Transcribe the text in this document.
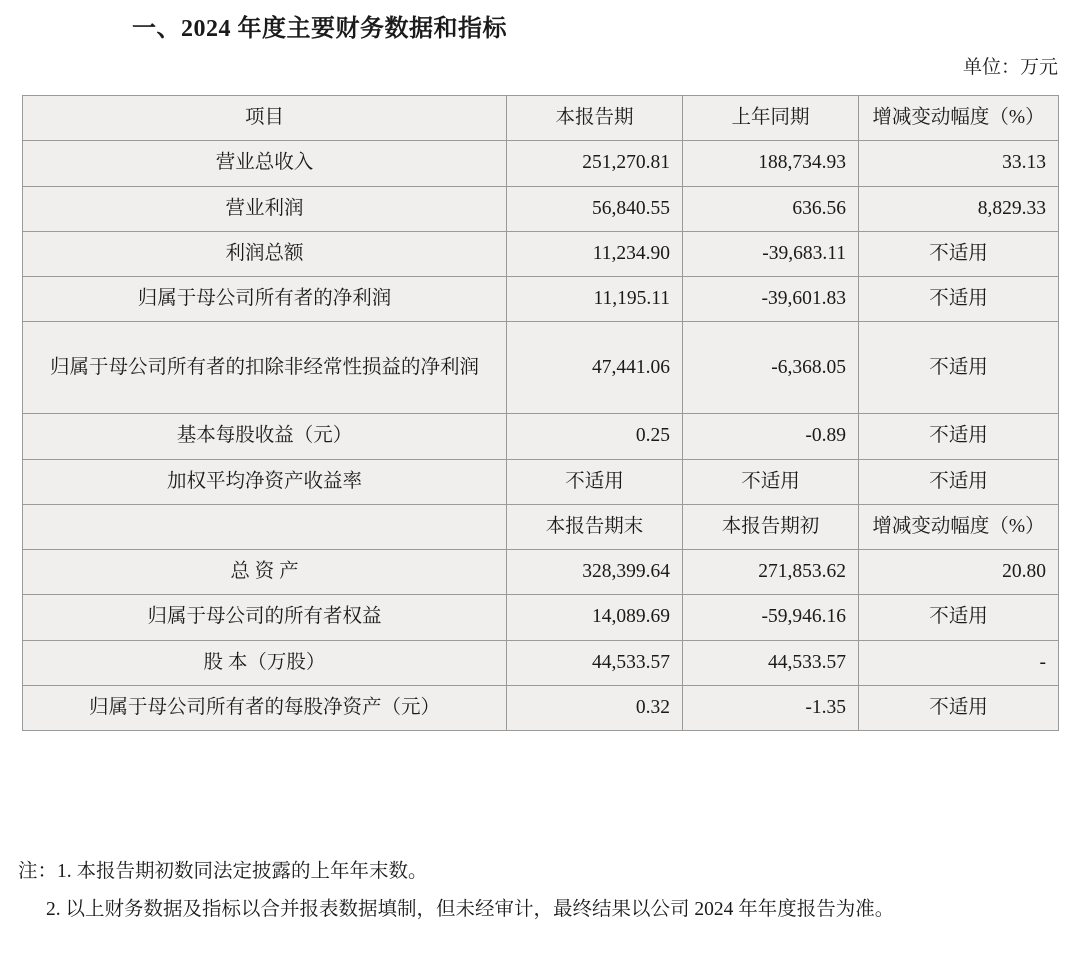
一、2024 年度主要财务数据和指标
单位：万元
项目	本报告期	上年同期	增减变动幅度（%）
营业总收入	251,270.81	188,734.93	33.13
营业利润	56,840.55	636.56	8,829.33
利润总额	11,234.90	-39,683.11	不适用
归属于母公司所有者的净利润	11,195.11	-39,601.83	不适用
归属于母公司所有者的扣除非经常性损益的净利润	47,441.06	-6,368.05	不适用
基本每股收益（元）	0.25	-0.89	不适用
加权平均净资产收益率	不适用	不适用	不适用
	本报告期末	本报告期初	增减变动幅度（%）
总 资 产	328,399.64	271,853.62	20.80
归属于母公司的所有者权益	14,089.69	-59,946.16	不适用
股 本（万股）	44,533.57	44,533.57	-
归属于母公司所有者的每股净资产（元）	0.32	-1.35	不适用

注：1. 本报告期初数同法定披露的上年年末数。

2. 以上财务数据及指标以合并报表数据填制，但未经审计，最终结果以公司 2024 年年度报告为准。
